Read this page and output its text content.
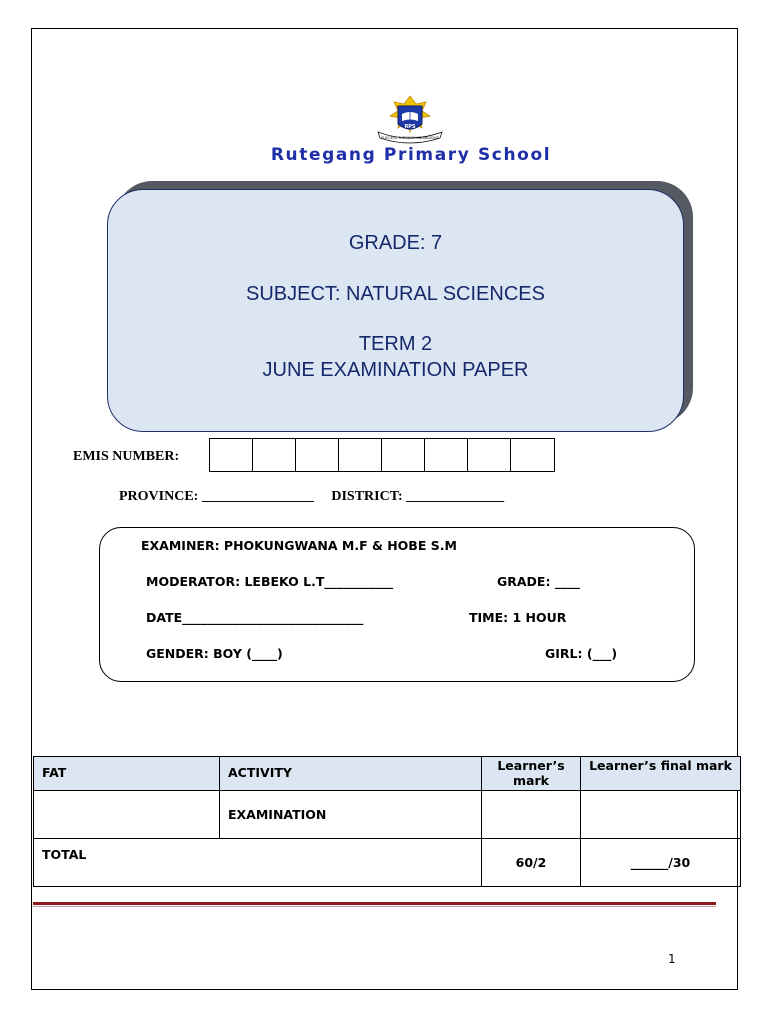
RPS
SUCCESS THROUGH KNOWLEDGE
Rutegang Primary School
GRADE: 7
SUBJECT: NATURAL SCIENCES
TERM 2
JUNE EXAMINATION PAPER
EMIS NUMBER:
PROVINCE: ________________ DISTRICT: ______________
EXAMINER: PHOKUNGWANA M.F & HOBE S.M
MODERATOR: LEBEKO L.T___________	GRADE: ____
DATE_____________________________	TIME: 1 HOUR
GENDER: BOY (____)	GIRL: (___)
FAT	ACTIVITY	Learner’s mark	Learner’s final mark
	EXAMINATION		
TOTAL		60/2	______/30
1
